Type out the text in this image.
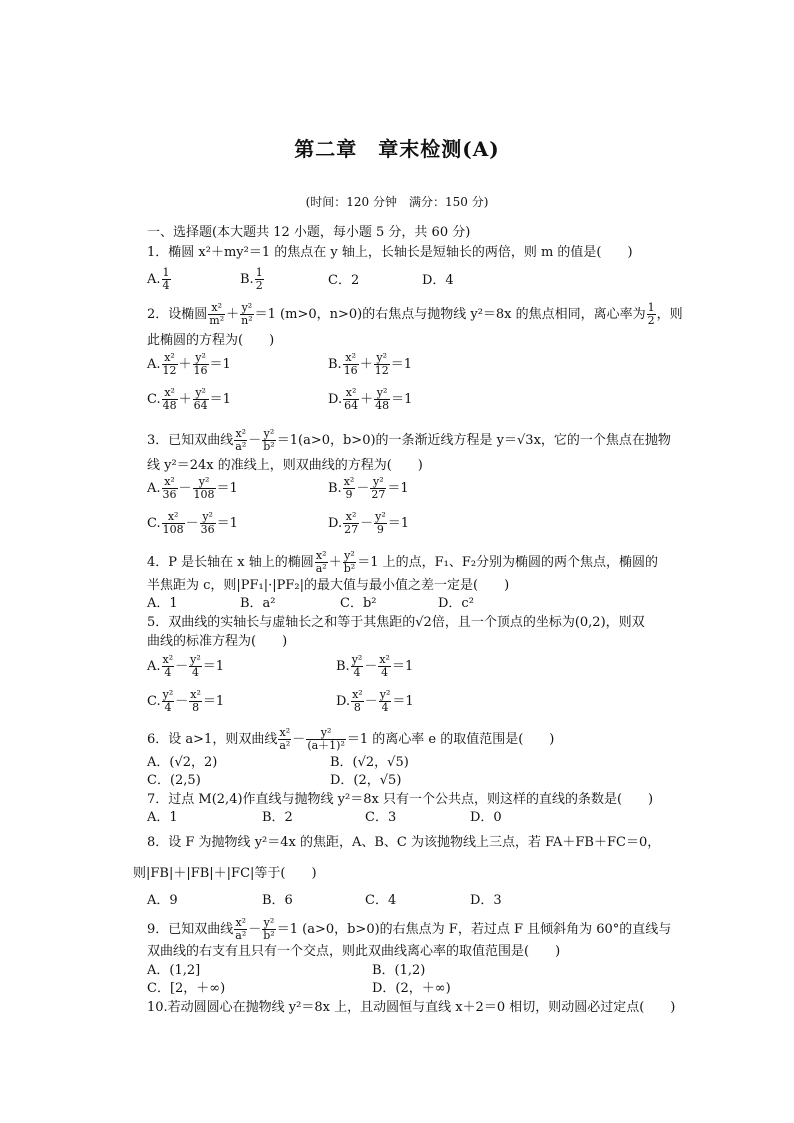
第二章　章末检测(A)
(时间：120 分钟　满分：150 分)
一、选择题(本大题共 12 小题，每小题 5 分，共 60 分)
1．椭圆 x²＋my²＝1 的焦点在 y 轴上，长轴长是短轴长的两倍，则 m 的值是(　　)
A. $\frac{1}{4}$	B. $\frac{1}{2}$	C．2	D．4
2．设椭圆 $\frac{\text{x²}}{\text{m²}} + \frac{\text{y²}}{\text{n²}} =1$ (m>0，n>0)的右焦点与抛物线 y²＝8x 的焦点相同，离心率为 $\frac{1}{2}$ ，则
此椭圆的方程为(　　)
A. $\frac{\text{x²}}{12} + \frac{\text{y²}}{16} =1$	B. $\frac{\text{x²}}{16} + \frac{\text{y²}}{12} =1$
C. $\frac{\text{x²}}{48} + \frac{\text{y²}}{64} =1$	D. $\frac{\text{x²}}{64} + \frac{\text{y²}}{48} =1$
3．已知双曲线 $\frac{\text{x²}}{\text{a²}} - \frac{\text{y²}}{\text{b²}} =1(a>0$，b>0)的一条渐近线方程是 y＝√3x，它的一个焦点在抛物
线 y²＝24x 的准线上，则双曲线的方程为(　　)
A. $\frac{\text{x²}}{36} - \frac{\text{y²}}{108} =1$	B. $\frac{\text{x²}}{9} - \frac{\text{y²}}{27} =1$
C. $\frac{\text{x²}}{108} - \frac{\text{y²}}{36} =1$	D. $\frac{\text{x²}}{27} - \frac{\text{y²}}{9} =1$
4．P 是长轴在 x 轴上的椭圆 $\frac{\text{x²}}{\text{a²}} + \frac{\text{y²}}{\text{b²}} =1$ 上的点，F₁、F₂分别为椭圆的两个焦点，椭圆的
半焦距为 c，则|PF₁|·|PF₂|的最大值与最小值之差一定是(　　)
A．1	B．a²	C．b²	D．c²
5．双曲线的实轴长与虚轴长之和等于其焦距的√2倍，且一个顶点的坐标为(0,2)，则双
曲线的标准方程为(　　)
A. $\frac{\text{x²}}{4} - \frac{\text{y²}}{4} =1$	B. $\frac{\text{y²}}{4} - \frac{\text{x²}}{4} =1$
C. $\frac{\text{y²}}{4} - \frac{\text{x²}}{8} =1$	D. $\frac{\text{x²}}{8} - \frac{\text{y²}}{4} =1$
6．设 a>1，则双曲线 $\frac{\text{x²}}{\text{a²}} - \frac{\text{y²}}{\text{(a＋1)²}} =1$ 的离心率 e 的取值范围是(　　)
A．(√2，2)	B．(√2，√5)
C．(2,5)	D．(2，√5)
7．过点 M(2,4)作直线与抛物线 y²＝8x 只有一个公共点，则这样的直线的条数是(　　)
A．1	B．2	C．3	D．0
8．设 F 为抛物线 y²＝4x 的焦距，A、B、C 为该抛物线上三点，若 FA＋FB＋FC＝0，
则|FB|＋|FB|＋|FC|等于(　　)
A．9	B．6	C．4	D．3
9．已知双曲线 $\frac{\text{x²}}{\text{a²}} - \frac{\text{y²}}{\text{b²}} =1$ (a>0，b>0)的右焦点为 F，若过点 F 且倾斜角为 60°的直线与
双曲线的右支有且只有一个交点，则此双曲线离心率的取值范围是(　　)
A．(1,2]	B．(1,2)
C．[2，＋∞)	D．(2，＋∞)
10.若动圆圆心在抛物线 y²＝8x 上，且动圆恒与直线 x＋2＝0 相切，则动圆必过定点(　　)
